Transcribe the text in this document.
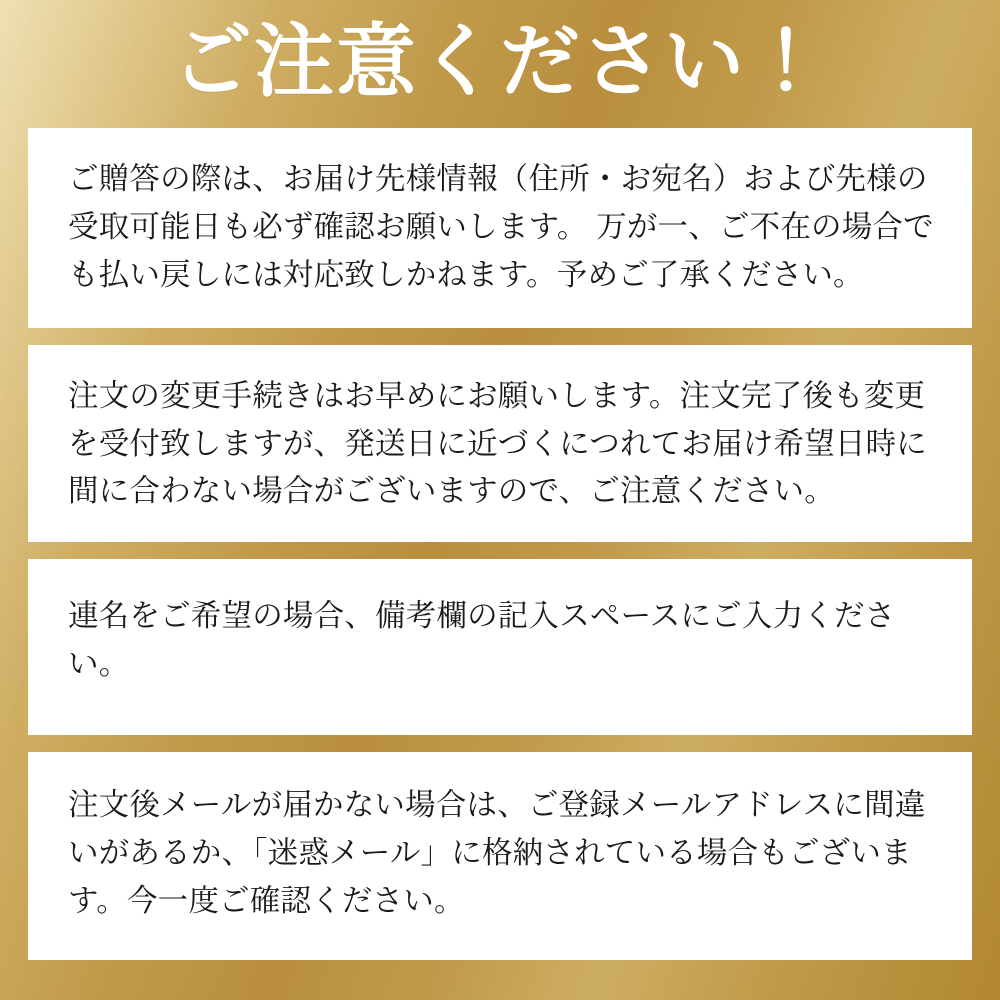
ご注意ください！

ご贈答の際は、お届け先様情報（住所・お宛名）および先様の受取可能日も必ず確認お願いします。 万が一、ご不在の場合でも払い戻しには対応致しかねます。予めご了承ください。

注文の変更手続きはお早めにお願いします。注文完了後も変更を受付致しますが、発送日に近づくにつれてお届け希望日時に間に合わない場合がございますので、ご注意ください。

連名をご希望の場合、備考欄の記入スペースにご入力ください。

注文後メールが届かない場合は、ご登録メールアドレスに間違いがあるか、「迷惑メール」に格納されている場合もございます。今一度ご確認ください。
